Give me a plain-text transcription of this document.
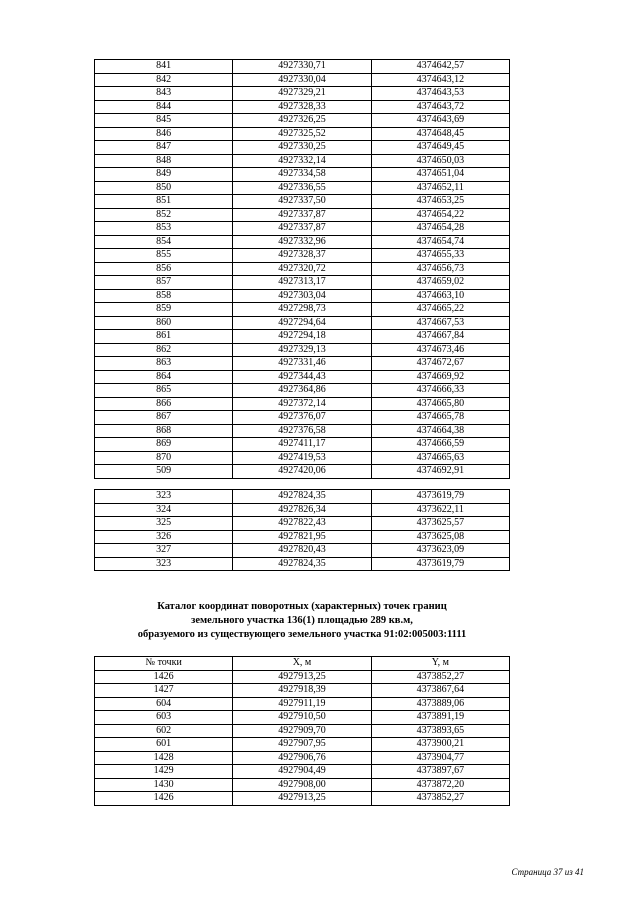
841	4927330,71	4374642,57
842	4927330,04	4374643,12
843	4927329,21	4374643,53
844	4927328,33	4374643,72
845	4927326,25	4374643,69
846	4927325,52	4374648,45
847	4927330,25	4374649,45
848	4927332,14	4374650,03
849	4927334,58	4374651,04
850	4927336,55	4374652,11
851	4927337,50	4374653,25
852	4927337,87	4374654,22
853	4927337,87	4374654,28
854	4927332,96	4374654,74
855	4927328,37	4374655,33
856	4927320,72	4374656,73
857	4927313,17	4374659,02
858	4927303,04	4374663,10
859	4927298,73	4374665,22
860	4927294,64	4374667,53
861	4927294,18	4374667,84
862	4927329,13	4374673,46
863	4927331,46	4374672,67
864	4927344,43	4374669,92
865	4927364,86	4374666,33
866	4927372,14	4374665,80
867	4927376,07	4374665,78
868	4927376,58	4374664,38
869	4927411,17	4374666,59
870	4927419,53	4374665,63
509	4927420,06	4374692,91
323	4927824,35	4373619,79
324	4927826,34	4373622,11
325	4927822,43	4373625,57
326	4927821,95	4373625,08
327	4927820,43	4373623,09
323	4927824,35	4373619,79
Каталог координат поворотных (характерных) точек границ
земельного участка 136(1) площадью 289 кв.м,
образуемого из существующего земельного участка 91:02:005003:1111
№ точки	X, м	Y, м
1426	4927913,25	4373852,27
1427	4927918,39	4373867,64
604	4927911,19	4373889,06
603	4927910,50	4373891,19
602	4927909,70	4373893,65
601	4927907,95	4373900,21
1428	4927906,76	4373904,77
1429	4927904,49	4373897,67
1430	4927908,00	4373872,20
1426	4927913,25	4373852,27
Страница 37 из 41
